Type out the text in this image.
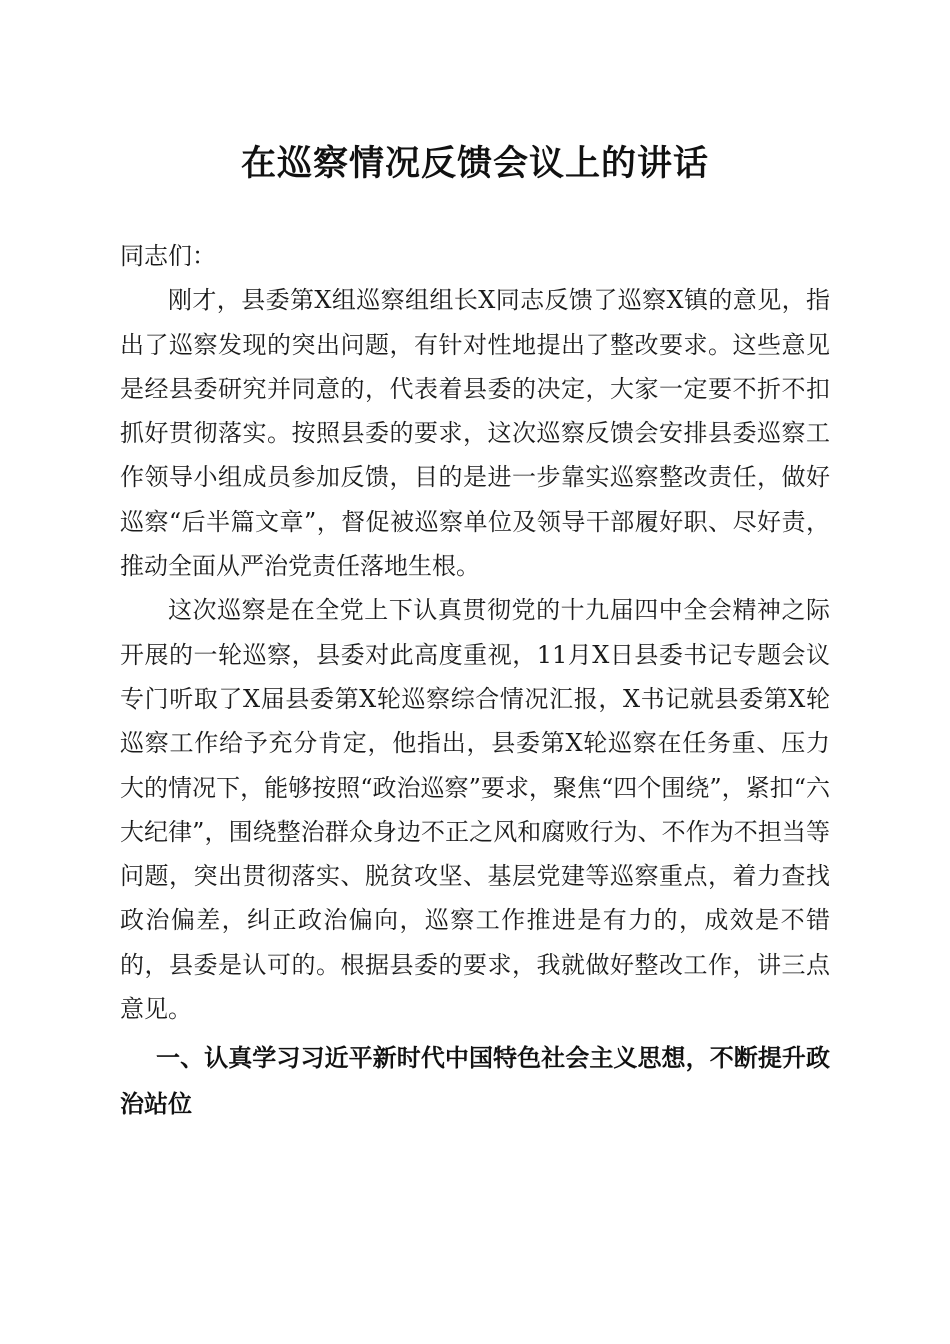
在巡察情况反馈会议上的讲话

同志们：

刚才，县委第X组巡察组组长X同志反馈了巡察X镇的意见，指出了巡察发现的突出问题，有针对性地提出了整改要求。这些意见是经县委研究并同意的，代表着县委的决定，大家一定要不折不扣抓好贯彻落实。按照县委的要求，这次巡察反馈会安排县委巡察工作领导小组成员参加反馈，目的是进一步靠实巡察整改责任，做好巡察“后半篇文章”，督促被巡察单位及领导干部履好职、尽好责，推动全面从严治党责任落地生根。

这次巡察是在全党上下认真贯彻党的十九届四中全会精神之际开展的一轮巡察，县委对此高度重视，11月X日县委书记专题会议专门听取了X届县委第X轮巡察综合情况汇报，X书记就县委第X轮巡察工作给予充分肯定，他指出，县委第X轮巡察在任务重、压力大的情况下，能够按照“政治巡察”要求，聚焦“四个围绕”，紧扣“六大纪律”，围绕整治群众身边不正之风和腐败行为、不作为不担当等问题，突出贯彻落实、脱贫攻坚、基层党建等巡察重点，着力查找政治偏差，纠正政治偏向，巡察工作推进是有力的，成效是不错的，县委是认可的。根据县委的要求，我就做好整改工作，讲三点意见。

一、认真学习习近平新时代中国特色社会主义思想，不断提升政治站位
